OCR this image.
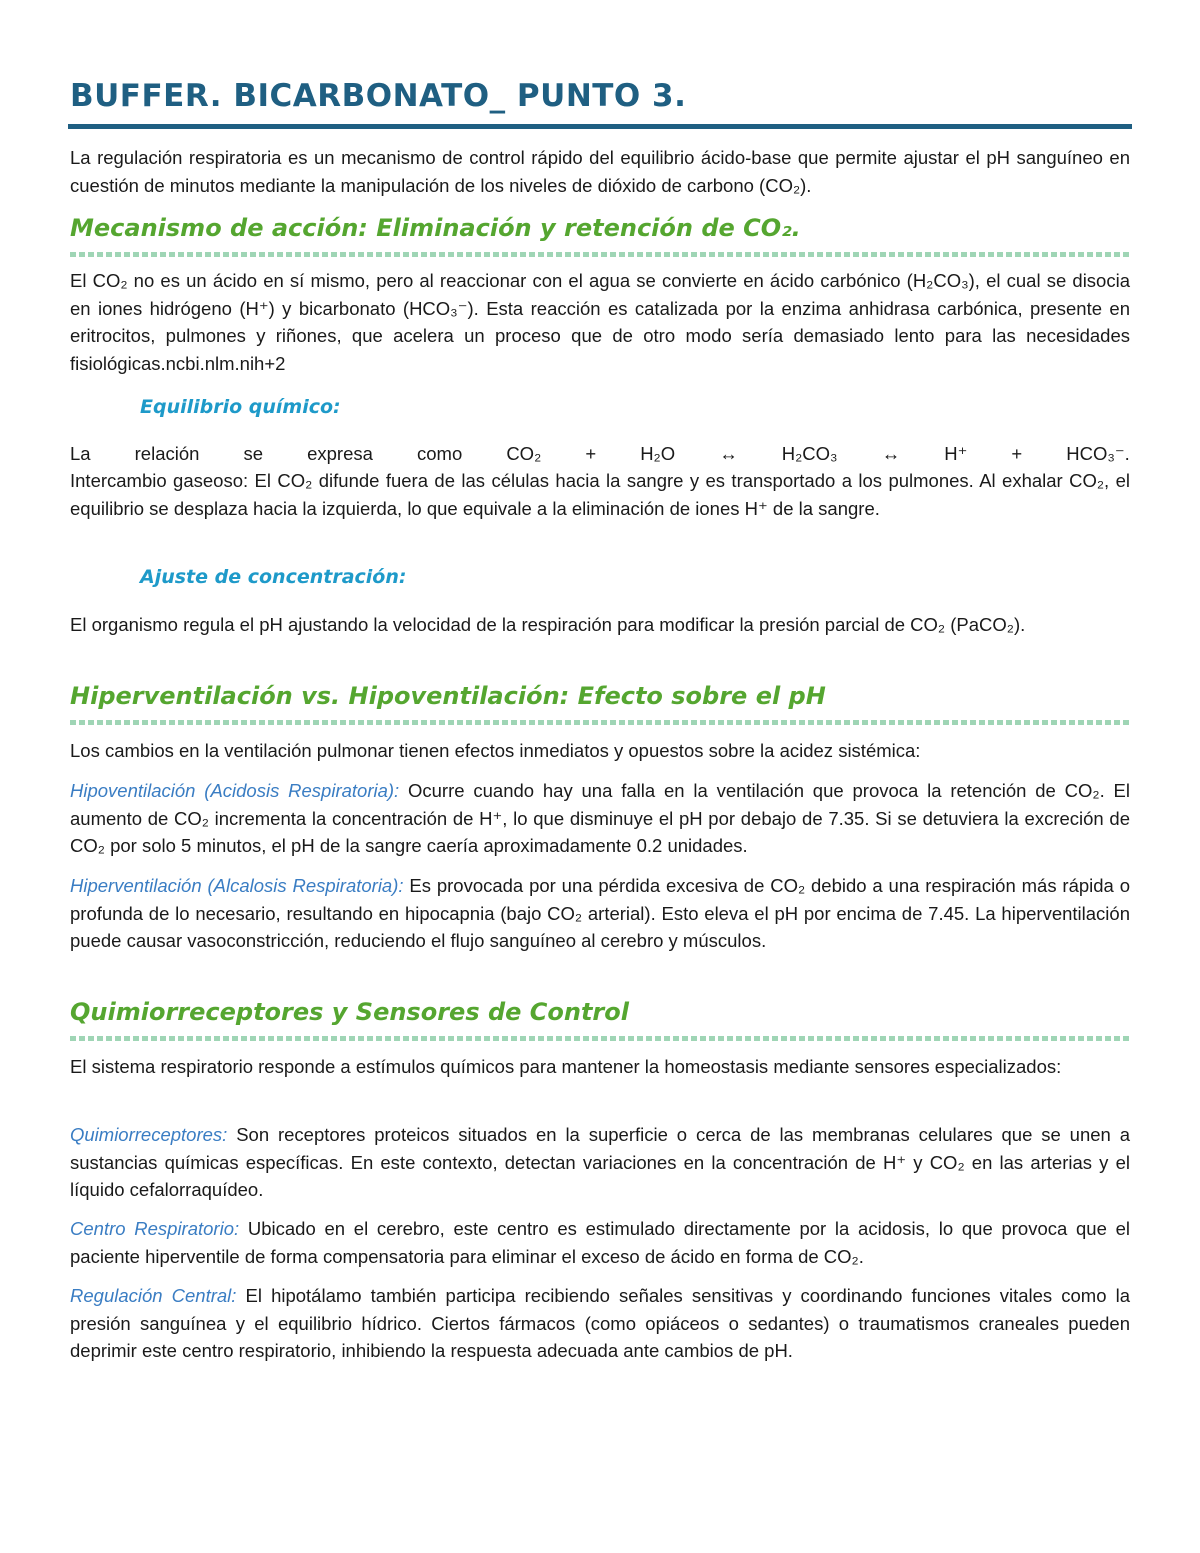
BUFFER. BICARBONATO_ PUNTO 3.

La regulación respiratoria es un mecanismo de control rápido del equilibrio ácido-base que permite ajustar el pH sanguíneo en cuestión de minutos mediante la manipulación de los niveles de dióxido de carbono (CO₂).

Mecanismo de acción: Eliminación y retención de CO₂.

El CO₂ no es un ácido en sí mismo, pero al reaccionar con el agua se convierte en ácido carbónico (H₂CO₃), el cual se disocia en iones hidrógeno (H⁺) y bicarbonato (HCO₃⁻). Esta reacción es catalizada por la enzima anhidrasa carbónica, presente en eritrocitos, pulmones y riñones, que acelera un proceso que de otro modo sería demasiado lento para las necesidades fisiológicas.ncbi.nlm.nih+2

Equilibrio químico:
La relación se expresa como CO₂ + H₂O ↔ H₂CO₃ ↔ H⁺ + HCO₃⁻.

Intercambio gaseoso: El CO₂ difunde fuera de las células hacia la sangre y es transportado a los pulmones. Al exhalar CO₂, el equilibrio se desplaza hacia la izquierda, lo que equivale a la eliminación de iones H⁺ de la sangre.

Ajuste de concentración:

El organismo regula el pH ajustando la velocidad de la respiración para modificar la presión parcial de CO₂ (PaCO₂).

Hiperventilación vs. Hipoventilación: Efecto sobre el pH

Los cambios en la ventilación pulmonar tienen efectos inmediatos y opuestos sobre la acidez sistémica:

Hipoventilación (Acidosis Respiratoria): Ocurre cuando hay una falla en la ventilación que provoca la retención de CO₂. El aumento de CO₂ incrementa la concentración de H⁺, lo que disminuye el pH por debajo de 7.35. Si se detuviera la excreción de CO₂ por solo 5 minutos, el pH de la sangre caería aproximadamente 0.2 unidades.

Hiperventilación (Alcalosis Respiratoria): Es provocada por una pérdida excesiva de CO₂ debido a una respiración más rápida o profunda de lo necesario, resultando en hipocapnia (bajo CO₂ arterial). Esto eleva el pH por encima de 7.45. La hiperventilación puede causar vasoconstricción, reduciendo el flujo sanguíneo al cerebro y músculos.

Quimiorreceptores y Sensores de Control

El sistema respiratorio responde a estímulos químicos para mantener la homeostasis mediante sensores especializados:

Quimiorreceptores: Son receptores proteicos situados en la superficie o cerca de las membranas celulares que se unen a sustancias químicas específicas. En este contexto, detectan variaciones en la concentración de H⁺ y CO₂ en las arterias y el líquido cefalorraquídeo.

Centro Respiratorio: Ubicado en el cerebro, este centro es estimulado directamente por la acidosis, lo que provoca que el paciente hiperventile de forma compensatoria para eliminar el exceso de ácido en forma de CO₂.

Regulación Central: El hipotálamo también participa recibiendo señales sensitivas y coordinando funciones vitales como la presión sanguínea y el equilibrio hídrico. Ciertos fármacos (como opiáceos o sedantes) o traumatismos craneales pueden deprimir este centro respiratorio, inhibiendo la respuesta adecuada ante cambios de pH.
